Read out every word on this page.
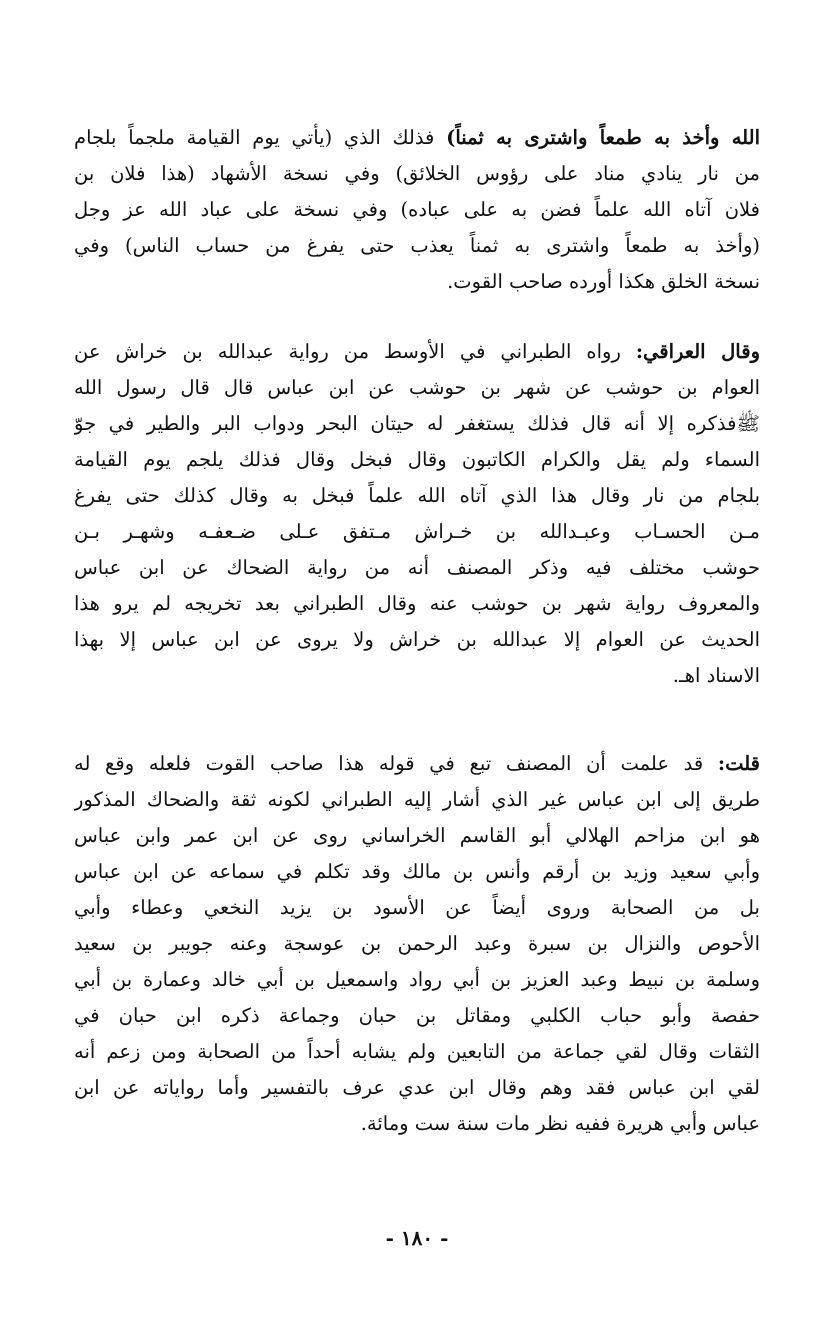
الله وأخذ به طمعاً واشترى به ثمناً) فذلك الذي (يأتي يوم القيامة ملجماً بلجام
من نار ينادي مناد على رؤوس الخلائق) وفي نسخة الأشهاد (هذا فلان بن
فلان آتاه الله علماً فضن به على عباده) وفي نسخة على عباد الله عز وجل
(وأخذ به طمعاً واشترى به ثمناً يعذب حتى يفرغ من حساب الناس) وفي
نسخة الخلق هكذا أورده صاحب القوت.
وقال العراقي: رواه الطبراني في الأوسط من رواية عبدالله بن خراش عن
العوام بن حوشب عن شهر بن حوشب عن ابن عباس قال قال رسول الله
ﷺفذكره إلا أنه قال فذلك يستغفر له حيتان البحر ودواب البر والطير في جوّ
السماء ولم يقل والكرام الكاتبون وقال فبخل وقال فذلك يلجم يوم القيامة
بلجام من نار وقال هذا الذي آتاه الله علماً فبخل به وقال كذلك حتى يفرغ
مـن الحسـاب وعبـدالله بن خـراش مـتفق عـلى ضـعفـه وشهـر بـن
حوشب مختلف فيه وذكر المصنف أنه من رواية الضحاك عن ابن عباس
والمعروف رواية شهر بن حوشب عنه وقال الطبراني بعد تخريجه لم يرو هذا
الحديث عن العوام إلا عبدالله بن خراش ولا يروى عن ابن عباس إلا بهذا
الاسناد اهـ.
قلت: قد علمت أن المصنف تبع في قوله هذا صاحب القوت فلعله وقع له
طريق إلى ابن عباس غير الذي أشار إليه الطبراني لكونه ثقة والضحاك المذكور
هو ابن مزاحم الهلالي أبو القاسم الخراساني روى عن ابن عمر وابن عباس
وأبي سعيد وزيد بن أرقم وأنس بن مالك وقد تكلم في سماعه عن ابن عباس
بل من الصحابة وروى أيضاً عن الأسود بن يزيد النخعي وعطاء وأبي
الأحوص والنزال بن سبرة وعبد الرحمن بن عوسجة وعنه جويبر بن سعيد
وسلمة بن نبيط وعبد العزيز بن أبي رواد واسمعيل بن أبي خالد وعمارة بن أبي
حفصة وأبو حباب الكلبي ومقاتل بن حبان وجماعة ذكره ابن حبان في
الثقات وقال لقي جماعة من التابعين ولم يشابه أحداً من الصحابة ومن زعم أنه
لقي ابن عباس فقد وهم وقال ابن عدي عرف بالتفسير وأما رواياته عن ابن
عباس وأبي هريرة ففيه نظر مات سنة ست ومائة.
- ١٨٠ -
